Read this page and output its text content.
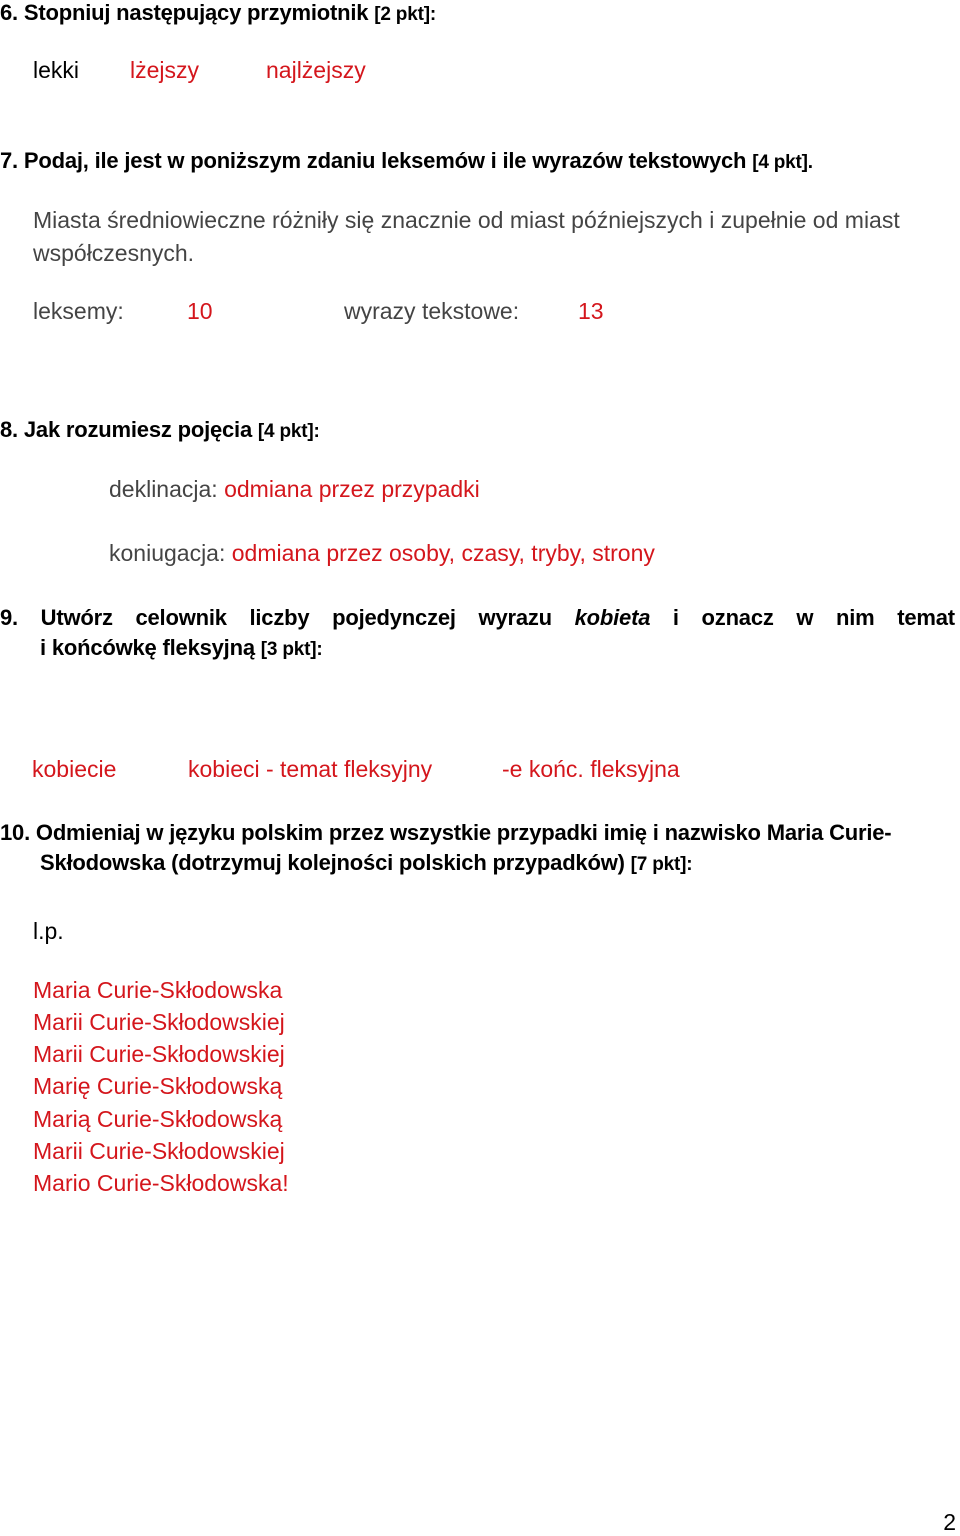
6. Stopniuj następujący przymiotnik [2 pkt]:
lekki lżejszy	najlżejszy
7. Podaj, ile jest w poniższym zdaniu leksemów i ile wyrazów tekstowych [4 pkt].
Miasta średniowieczne różniły się znacznie od miast późniejszych i zupełnie od miast
współczesnych.
leksemy:	10	wyrazy tekstowe:	13
8. Jak rozumiesz pojęcia [4 pkt]:
deklinacja: odmiana przez przypadki
koniugacja: odmiana przez osoby, czasy, tryby, strony
9. Utwórz celownik liczby pojedynczej wyrazu kobieta i oznacz w nim temat
i końcówkę fleksyjną [3 pkt]:
kobiecie	kobieci - temat fleksyjny	-e końc. fleksyjna
10. Odmieniaj w języku polskim przez wszystkie przypadki imię i nazwisko Maria Curie-
Skłodowska (dotrzymuj kolejności polskich przypadków) [7 pkt]:
l.p.
Maria Curie-Skłodowska
Marii Curie-Skłodowskiej
Marii Curie-Skłodowskiej
Marię Curie-Skłodowską
Marią Curie-Skłodowską
Marii Curie-Skłodowskiej
Mario Curie-Skłodowska!
2
